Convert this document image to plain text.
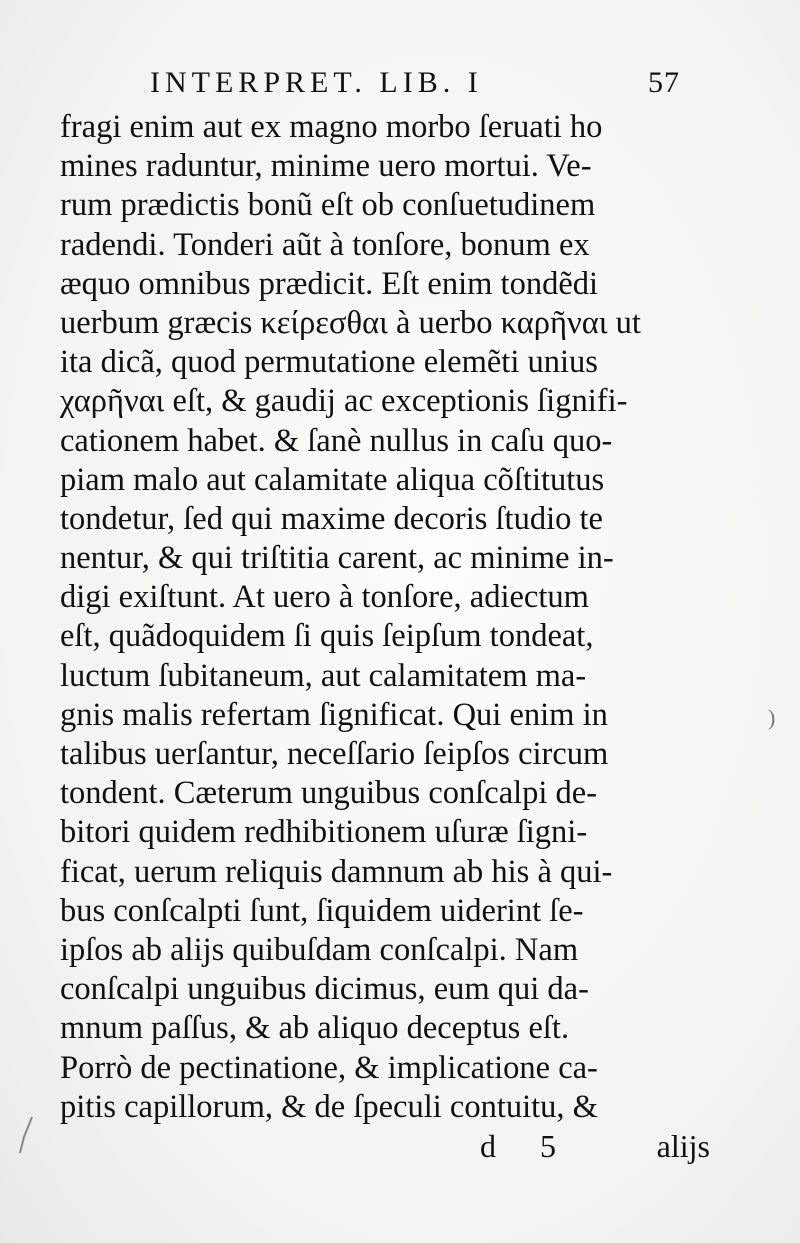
INTERPRET. LIB. I	57
fragi enim aut ex magno morbo ſeruati ho
mines raduntur, minime uero mortui. Ve-
rum prædictis bonũ eſt ob conſuetudinem
radendi. Tonderi aũt à tonſore, bonum ex
æquo omnibus prædicit. Eſt enim tondẽdi
uerbum græcis κείρεσθαι à uerbo καρῆναι ut
ita dicã, quod permutatione elemẽti unius
χαρῆναι eſt, & gaudij ac exceptionis ſignifi-
cationem habet. & ſanè nullus in caſu quo-
piam malo aut calamitate aliqua cõſtitutus
tondetur, ſed qui maxime decoris ſtudio te
nentur, & qui triſtitia carent, ac minime in-
digi exiſtunt. At uero à tonſore, adiectum
eſt, quãdoquidem ſi quis ſeipſum tondeat,
luctum ſubitaneum, aut calamitatem ma-
gnis malis refertam ſignificat. Qui enim in
talibus uerſantur, neceſſario ſeipſos circum
tondent. Cæterum unguibus conſcalpi de-
bitori quidem redhibitionem uſuræ ſigni-
ficat, uerum reliquis damnum ab his à qui-
bus conſcalpti ſunt, ſiquidem uiderint ſe-
ipſos ab alijs quibuſdam conſcalpi. Nam
conſcalpi unguibus dicimus, eum qui da-
mnum paſſus, & ab aliquo deceptus eſt.
Porrò de pectinatione, & implicatione ca-
pitis capillorum, & de ſpeculi contuitu, &
d 5	alijs
)
